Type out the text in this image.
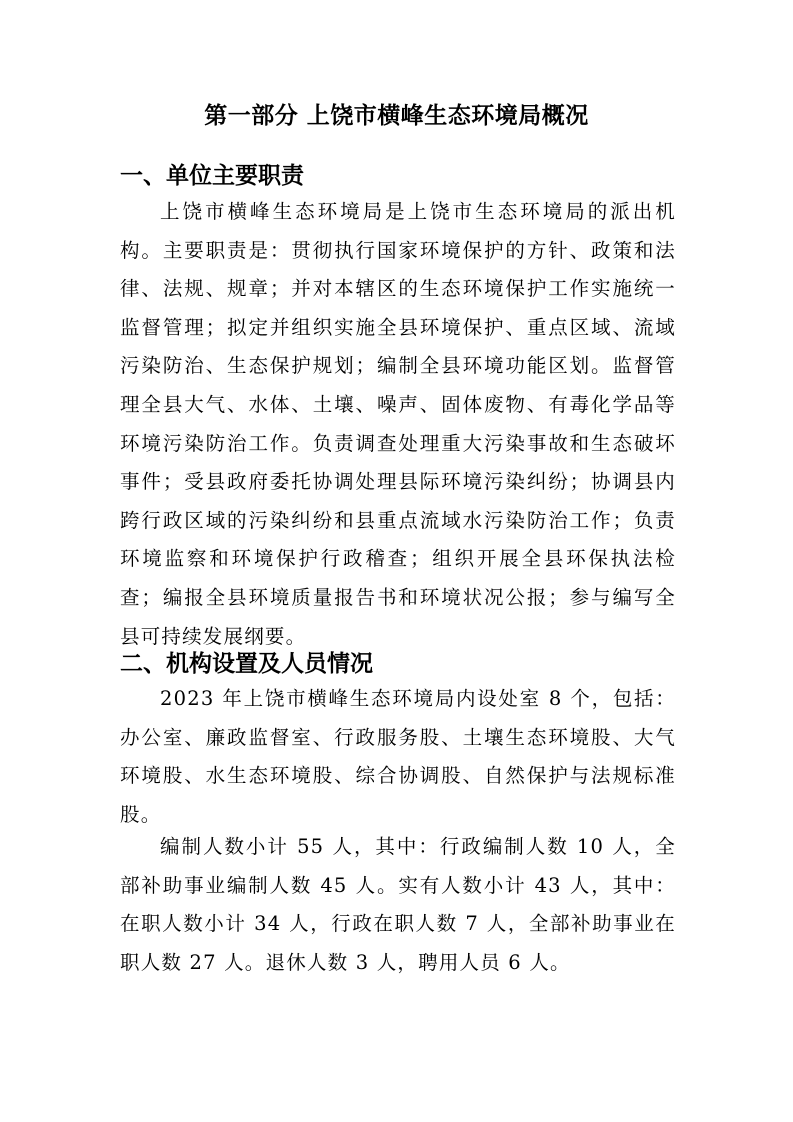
第一部分 上饶市横峰生态环境局概况
一、单位主要职责

上饶市横峰生态环境局是上饶市生态环境局的派出机构。主要职责是：贯彻执行国家环境保护的方针、政策和法律、法规、规章；并对本辖区的生态环境保护工作实施统一监督管理；拟定并组织实施全县环境保护、重点区域、流域污染防治、生态保护规划；编制全县环境功能区划。监督管理全县大气、水体、土壤、噪声、固体废物、有毒化学品等环境污染防治工作。负责调查处理重大污染事故和生态破坏事件；受县政府委托协调处理县际环境污染纠纷；协调县内跨行政区域的污染纠纷和县重点流域水污染防治工作；负责环境监察和环境保护行政稽查；组织开展全县环保执法检查；编报全县环境质量报告书和环境状况公报；参与编写全县可持续发展纲要。

二、机构设置及人员情况

2023 年上饶市横峰生态环境局内设处室 8 个，包括：办公室、廉政监督室、行政服务股、土壤生态环境股、大气环境股、水生态环境股、综合协调股、自然保护与法规标准股。

编制人数小计 55 人，其中：行政编制人数 10 人，全部补助事业编制人数 45 人。实有人数小计 43 人，其中：在职人数小计 34 人，行政在职人数 7 人，全部补助事业在职人数 27 人。退休人数 3 人，聘用人员 6 人。
